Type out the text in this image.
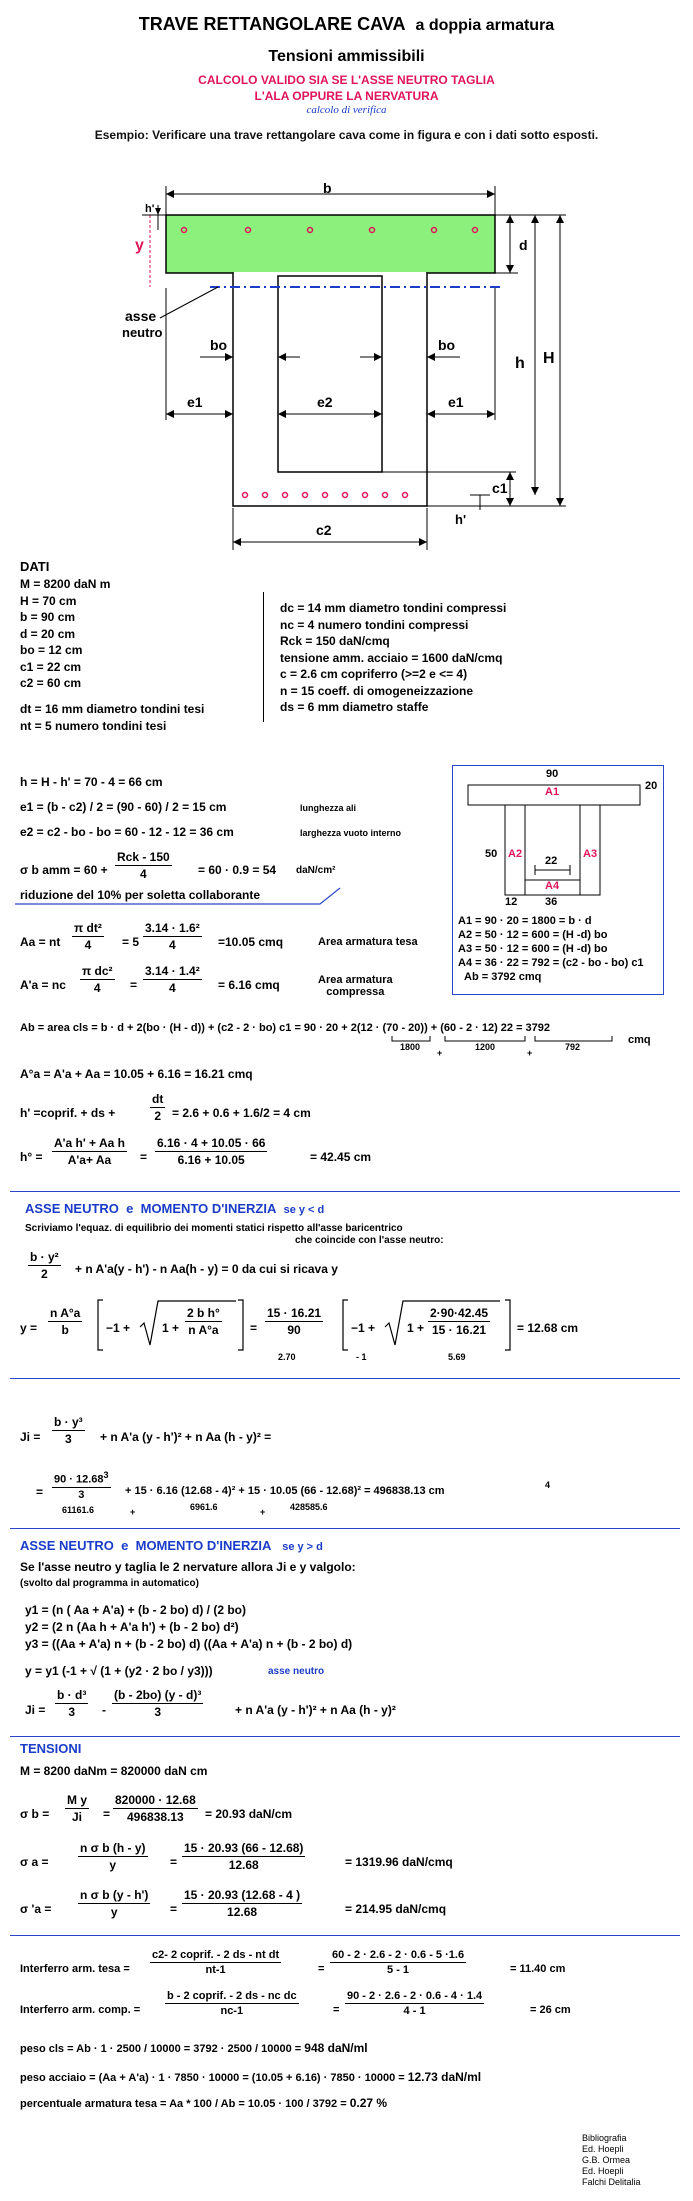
TRAVE RETTANGOLARE CAVA a doppia armatura
Tensioni ammissibili
CALCOLO VALIDO SIA SE L'ASSE NEUTRO TAGLIA
L'ALA OPPURE LA NERVATURA
calcolo di verifica
Esempio: Verificare una trave rettangolare cava come in figura e con i dati sotto esposti.
b
y
h'
d
asse
neutro
bo	bo
e1	e2	e1
h H
c1
c2
h'
DATI
M = 8200 daN m
H = 70 cm
b = 90 cm
d = 20 cm
bo = 12 cm
c1 = 22 cm
c2 = 60 cm
dt = 16 mm diametro tondini tesi
nt = 5 numero tondini tesi
dc = 14 mm diametro tondini compressi
nc = 4 numero tondini compressi
Rck = 150 daN/cmq
tensione amm. acciaio = 1600 daN/cmq
c = 2.6 cm copriferro (>=2 e <= 4)
n = 15 coeff. di omogeneizzazione
ds = 6 mm diametro staffe
90
20
A1
A2	A3
A4
50
22
36
12
A1 = 90 · 20 = 1800 = b · d
A2 = 50 · 12 = 600 = (H -d) bo
A3 = 50 · 12 = 600 = (H -d) bo
A4 = 36 · 22 = 792 = (c2 - bo - bo) c1
Ab = 3792 cmq
h = H - h' = 70 - 4 = 66 cm
e1 = (b - c2) / 2 = (90 - 60) / 2 = 15 cm	lunghezza ali
e2 = c2 - bo - bo = 60 - 12 - 12 = 36 cm	larghezza vuoto interno
σ b amm = 60 +
Rck - 150
4	= 60 · 0.9 = 54 daN/cm²
riduzione del 10% per soletta collaborante
Aa = nt $\frac{\text{π dt²}}{4} = 5 \frac{\text{3.14 · 1.6²}}{4} =10.05$ cmq	Area armatura tesa
A'a = nc $\frac{\text{π dc²}}{4} = \frac{\text{3.14 · 1.4²}}{4} = 6.16$ cmq	Area armatura
compressa
Ab = area cls = b · d + 2(bo · (H - d)) + (c2 - 2 · bo) c1 = 90 · 20 + 2(12 · (70 - 20)) + (60 - 2 · 12) 22 = 3792
cmq
1800
+
1200
+
792
A°a = A'a + Aa = 10.05 + 6.16 = 16.21 cmq
h' =coprif. + ds +	$\frac{dt}{2} = 2.6 + 0.6 + 1.6/2 = 4$ cm
$h^\circ = \frac{\text{A'a h' + Aa h}}{A'a+ Aa} = \frac{6.16 \cdot 4 + 10.05 \cdot 66}{6.16 + 10.05}$	= 42.45 cm
ASSE NEUTRO e MOMENTO D'INERZIA se y < d
Scriviamo l'equaz. di equilibrio dei momenti statici rispetto all'asse baricentrico
che coincide con l'asse neutro:
$\frac{\text{b · y²}}{2} + n$ A'a(y - h') - n Aa(h - y) = 0 da cui si ricava y
$y = \frac{\text{n A°a}}{b} -1$ +	$1 + \frac{\text{2 b h°}}{\text{n A°a}} = \frac{15 \cdot 16.21}{90}$
2.70
−1 +	$1 + \frac{2\cdot 90\cdot 42.45}{15 \cdot 16.21}$
- 1	5.69
= 12.68 cm
$Ji = \frac{\text{b · y³}}{3} + n$ A'a (y - h')² + n Aa (h - y)² =
= $\frac{90 \cdot 12.68^3}{3} + 15 \cdot 6.16$ (12.68 - 4)² + 15 · 10.05 (66 - 12.68)² = 496838.13 cm	4
61161.6	+	6961.6	+	428585.6
ASSE NEUTRO e MOMENTO D'INERZIA se y > d
Se l'asse neutro y taglia le 2 nervature allora Ji e y valgolo:
(svolto dal programma in automatico)
y1 = (n ( Aa + A'a) + (b - 2 bo) d) / (2 bo)
y2 = (2 n (Aa h + A'a h') + (b - 2 bo) d²)
y3 = ((Aa + A'a) n + (b - 2 bo) d) ((Aa + A'a) n + (b - 2 bo) d)
y = y1 (-1 + √ (1 + (y2 · 2 bo / y3)))	asse neutro
$Ji = \frac{\text{b · d³}}{3} - \frac{\text{(b - 2bo) (y - d)³}}{3}$	+ n A'a (y - h')² + n Aa (h - y)²
TENSIONI
M = 8200 daNm = 820000 daN cm
σ $b = \frac{\text{M y}}{Ji} = \frac{820000 \cdot 12.68}{496838.13} = 20.93$ daN/cm
σ $a = \frac{\text{n σ b (h - y)}}{y} = \frac{15 \cdot 20.93 (66 - 12.68)}{12.68}$	= 1319.96 daN/cmq
σ '$a = \frac{\text{n σ b (y - h')}}{y} = \frac{15 \cdot 20.93 (12.68 - 4 )}{12.68}$	= 214.95 daN/cmq
Interferro arm. tesa =
c2- 2 coprif. - 2 ds - nt dt
nt-1	= $\frac{60 - 2 \cdot 2.6 - 2 \cdot 0.6 - 5 \cdot 1.6}{5 - 1}$	= 11.40 cm
Interferro arm. comp. =
b - 2 coprif. - 2 ds - nc dc
nc-1	= $\frac{90 - 2 \cdot 2.6 - 2 \cdot 0.6 - 4 \cdot 1.4}{4 - 1}$	= 26 cm
peso cls = Ab · 1 · 2500 / 10000 = 3792 · 2500 / 10000 = 948 daN/ml
peso acciaio = (Aa + A'a) · 1 · 7850 · 10000 = (10.05 + 6.16) · 7850 · 10000 = 12.73 daN/ml
percentuale armatura tesa = Aa * 100 / Ab = 10.05 · 100 / 3792 = 0.27 %
Bibliografia
Ed. Hoepli
G.B. Ormea
Ed. Hoepli
Falchi Delitalia
